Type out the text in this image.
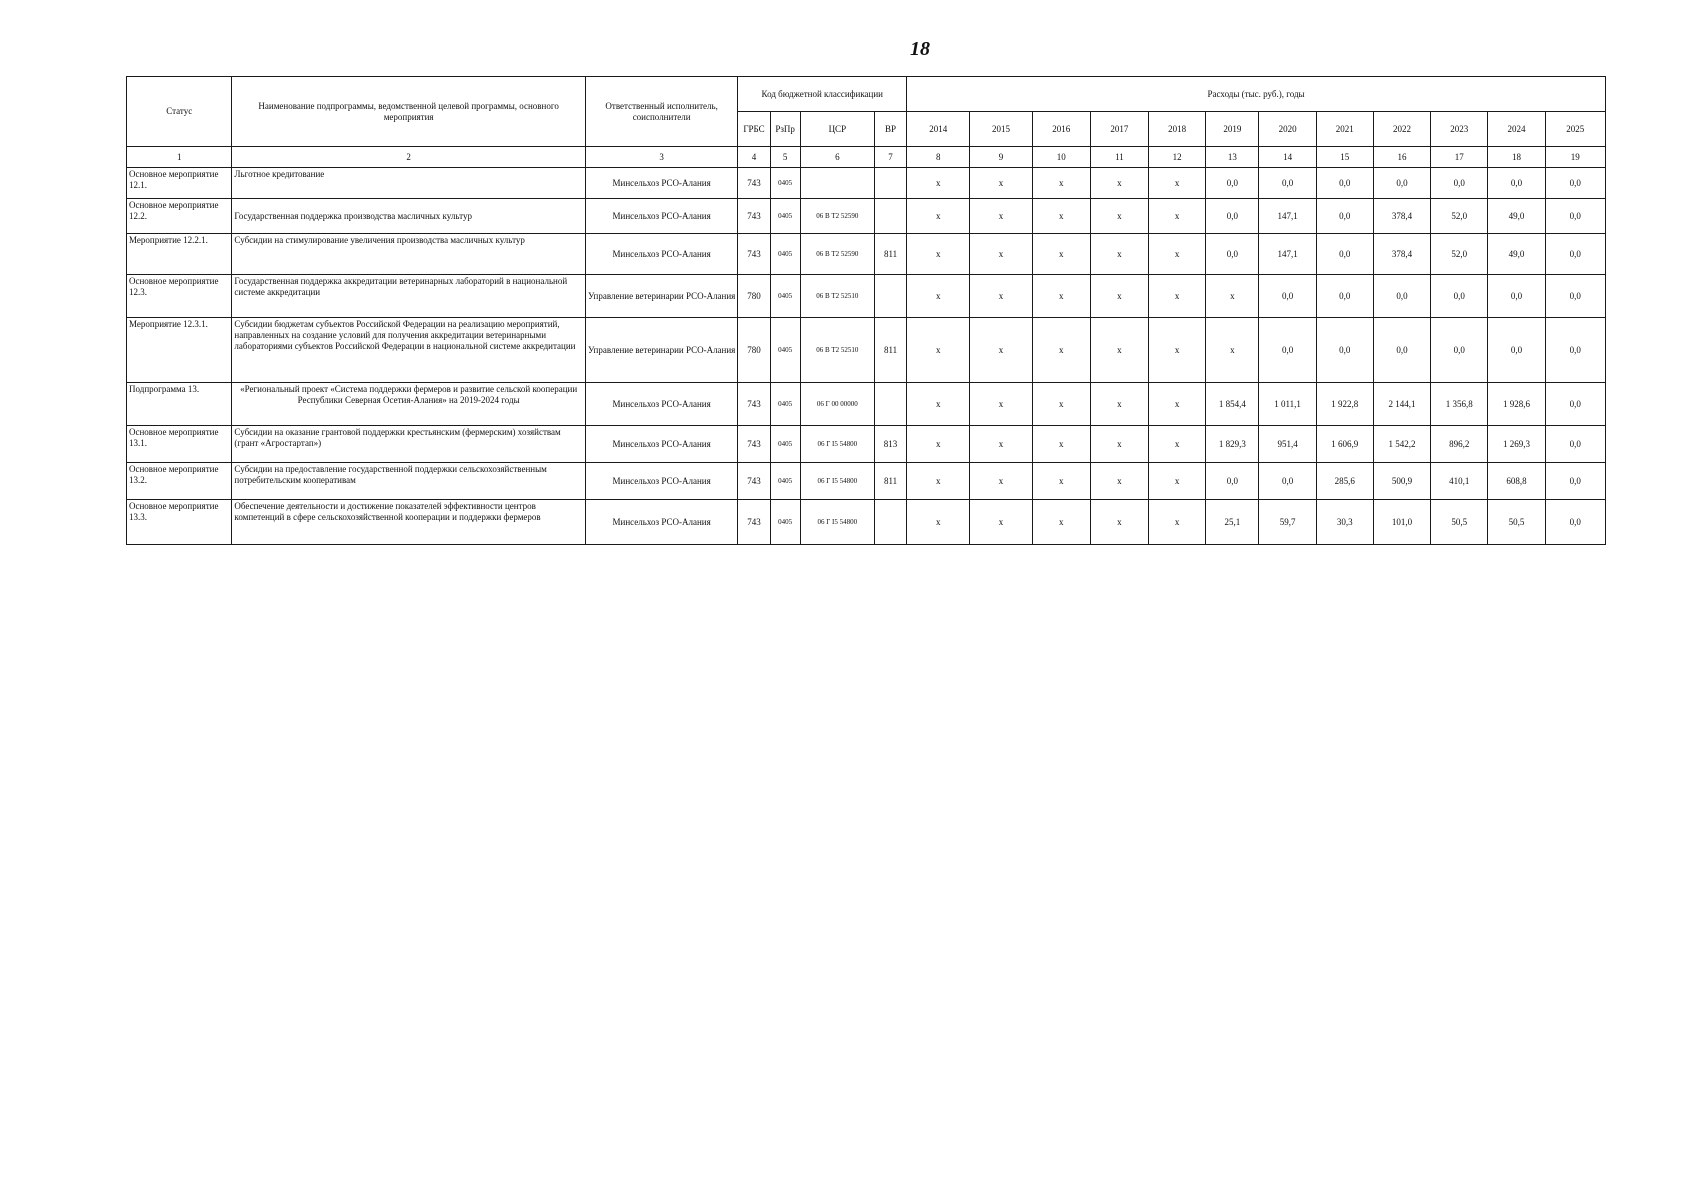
18
Статус	Наименование подпрограммы, ведомственной целевой программы, основного мероприятия	Ответственный исполнитель, соисполнители	Код бюджетной классификации				Расходы (тыс. руб.), годы											
			ГРБС	РзПр	ЦСР	ВР	2014	2015	2016	2017	2018	2019	2020	2021	2022	2023	2024	2025
1	2	3	4	5	6	7	8	9	10	11	12	13	14	15	16	17	18	19
Основное мероприятие 12.1.	Льготное кредитование	Минсельхоз РСО-Алания	743	0405			x	x	x	x	x	0,0	0,0	0,0	0,0	0,0	0,0	0,0
Основное мероприятие 12.2.	Государственная поддержка производства масличных культур	Минсельхоз РСО-Алания	743	0405	06 В Т2 52590		x	x	x	x	x	0,0	147,1	0,0	378,4	52,0	49,0	0,0
Мероприятие 12.2.1.	Субсидии на стимулирование увеличения производства масличных культур	Минсельхоз РСО-Алания	743	0405	06 В Т2 52590	811	x	x	x	x	x	0,0	147,1	0,0	378,4	52,0	49,0	0,0
Основное мероприятие 12.3.	Государственная поддержка аккредитации ветеринарных лабораторий в национальной системе аккредитации	Управление ветеринарии РСО-Алания	780	0405	06 В Т2 52510		x	x	x	x	x	x	0,0	0,0	0,0	0,0	0,0	0,0
Мероприятие 12.3.1.	Субсидии бюджетам субъектов Российской Федерации на реализацию мероприятий, направленных на создание условий для получения аккредитации ветеринарными лабораториями субъектов Российской Федерации в национальной системе аккредитации	Управление ветеринарии РСО-Алания	780	0405	06 В Т2 52510	811	x	x	x	x	x	x	0,0	0,0	0,0	0,0	0,0	0,0
Подпрограмма 13.	«Региональный проект «Система поддержки фермеров и развитие сельской кооперации Республики Северная Осетия-Алания» на 2019-2024 годы	Минсельхоз РСО-Алания	743	0405	06 Г 00 00000		x	x	x	x	x	1 854,4	1 011,1	1 922,8	2 144,1	1 356,8	1 928,6	0,0
Основное мероприятие 13.1.	Субсидии на оказание грантовой поддержки крестьянским (фермерским) хозяйствам (грант «Агростартап»)	Минсельхоз РСО-Алания	743	0405	06 Г I5 54800	813	x	x	x	x	x	1 829,3	951,4	1 606,9	1 542,2	896,2	1 269,3	0,0
Основное мероприятие 13.2.	Субсидии на предоставление государственной поддержки сельскохозяйственным потребительским кооперативам	Минсельхоз РСО-Алания	743	0405	06 Г I5 54800	811	x	x	x	x	x	0,0	0,0	285,6	500,9	410,1	608,8	0,0
Основное мероприятие 13.3.	Обеспечение деятельности и достижение показателей эффективности центров компетенций в сфере сельскохозяйственной кооперации и поддержки фермеров	Минсельхоз РСО-Алания	743	0405	06 Г I5 54800		x	x	x	x	x	25,1	59,7	30,3	101,0	50,5	50,5	0,0
